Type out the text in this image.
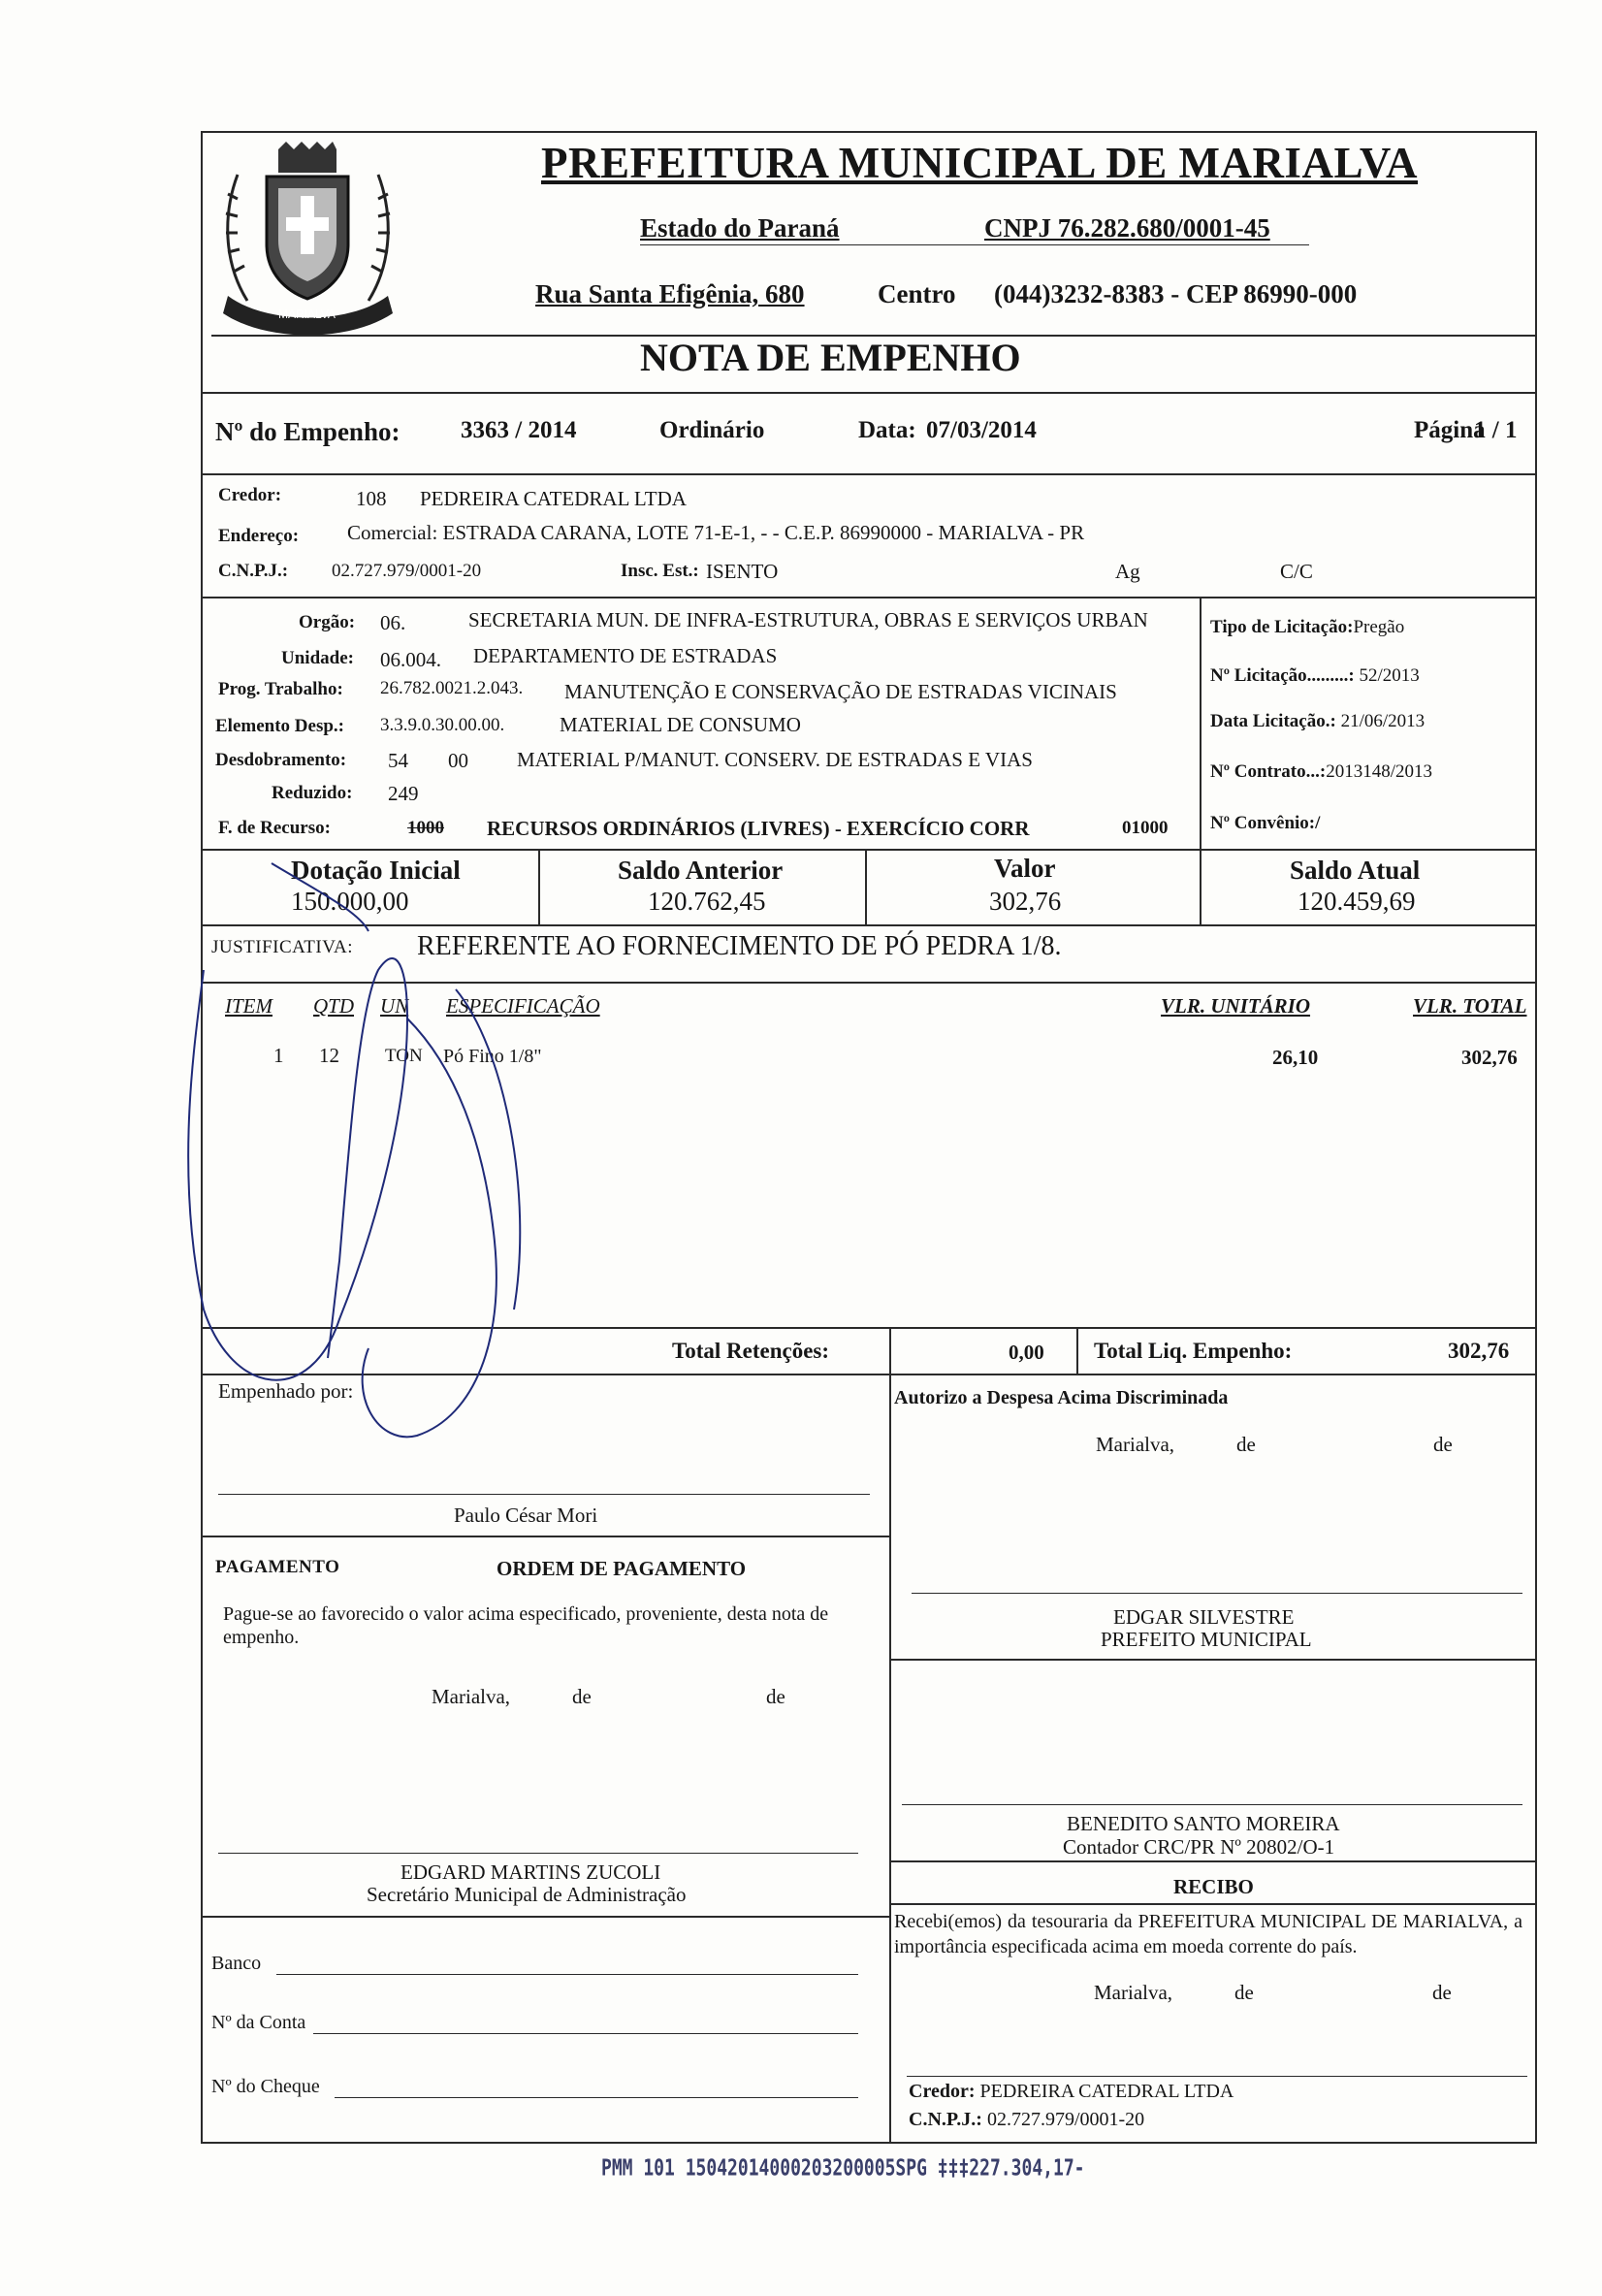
MARIALVA
PREFEITURA MUNICIPAL DE MARIALVA
Estado do Paraná	CNPJ 76.282.680/0001-45
Rua Santa Efigênia, 680	Centro (044)3232-8383 - CEP 86990-000
NOTA DE EMPENHO
Nº do Empenho:	3363 / 2014	Ordinário	Data: 07/03/2014	Página
1 / 1
Credor:	108 PEDREIRA CATEDRAL LTDA
Endereço: Comercial: ESTRADA CARANA, LOTE 71-E-1, - - C.E.P. 86990000 - MARIALVA - PR
C.N.P.J.: 02.727.979/0001-20	Insc. Est.: ISENTO	Ag	C/C
Orgão: 06.	SECRETARIA MUN. DE INFRA-ESTRUTURA, OBRAS E SERVIÇOS URBAN
Unidade: 06.004. DEPARTAMENTO DE ESTRADAS
Prog. Trabalho: 26.782.0021.2.043. MANUTENÇÃO E CONSERVAÇÃO DE ESTRADAS VICINAIS
Elemento Desp.: 3.3.9.0.30.00.00.	MATERIAL DE CONSUMO
Desdobramento: 54 00 MATERIAL P/MANUT. CONSERV. DE ESTRADAS E VIAS
Reduzido: 249
F. de Recurso:	1000 RECURSOS ORDINÁRIOS (LIVRES) - EXERCÍCIO CORR	01000
Tipo de Licitação:Pregão
Nº Licitação.........: 52/2013
Data Licitação.: 21/06/2013
Nº Contrato...:2013148/2013
Nº Convênio:/
Dotação Inicial
150.000,00
Saldo Anterior
120.762,45
Valor
302,76
Saldo Atual
120.459,69
JUSTIFICATIVA: REFERENTE AO FORNECIMENTO DE PÓ PEDRA 1/8.
ITEM QTD UN ESPECIFICAÇÃO	VLR. UNITÁRIO	VLR. TOTAL
1 12 TON Pó Fino 1/8"	26,10	302,76
Total Retenções:	0,00 Total Liq. Empenho:	302,76
Empenhado por:
Paulo César Mori
Autorizo a Despesa Acima Discriminada
Marialva,	de	de
EDGAR SILVESTRE
PREFEITO MUNICIPAL
PAGAMENTO	ORDEM DE PAGAMENTO
Pague-se ao favorecido o valor acima especificado, proveniente, desta nota de empenho.
Marialva,	de	de
BENEDITO SANTO MOREIRA
Contador CRC/PR Nº 20802/O-1
EDGARD MARTINS ZUCOLI
Secretário Municipal de Administração	RECIBO
Recebi(emos) da tesouraria da PREFEITURA MUNICIPAL DE MARIALVA, a importância especificada acima em moeda corrente do país.
Marialva,	de	de
Credor: PEDREIRA CATEDRAL LTDA
C.N.P.J.: 02.727.979/0001-20
Banco
Nº da Conta
Nº do Cheque
PMM 101 15042014000203200005SPG ‡‡‡227.304,17-
